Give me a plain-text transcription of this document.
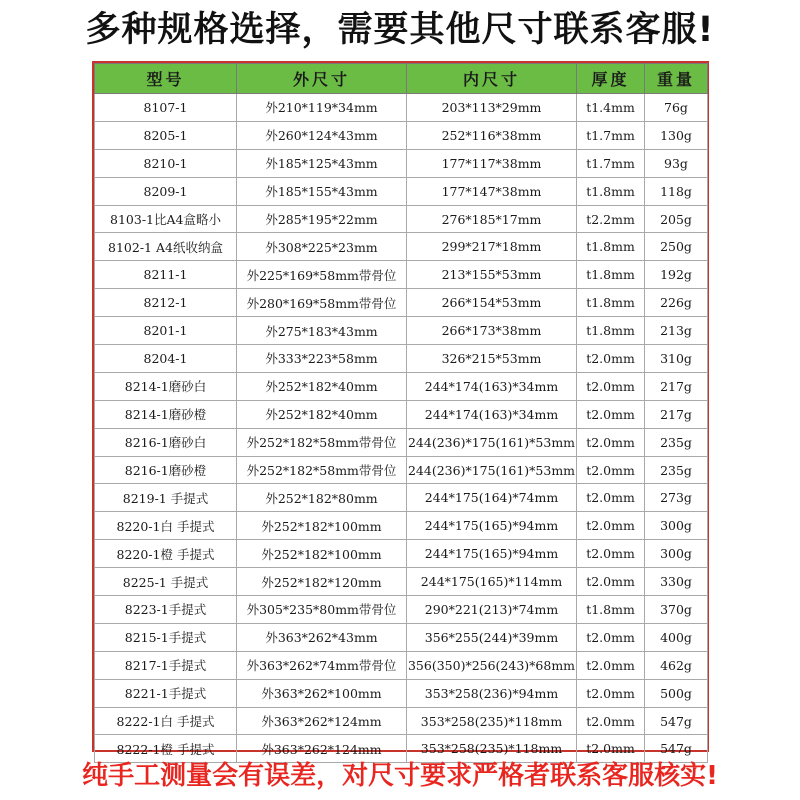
多种规格选择，需要其他尺寸联系客服!
型号	外尺寸	内尺寸	厚度	重量
8107-1	外210*119*34mm	203*113*29mm	t1.4mm	76g
8205-1	外260*124*43mm	252*116*38mm	t1.7mm	130g
8210-1	外185*125*43mm	177*117*38mm	t1.7mm	93g
8209-1	外185*155*43mm	177*147*38mm	t1.8mm	118g
8103-1比A4盒略小	外285*195*22mm	276*185*17mm	t2.2mm	205g
8102-1 A4纸收纳盒	外308*225*23mm	299*217*18mm	t1.8mm	250g
8211-1	外225*169*58mm带骨位	213*155*53mm	t1.8mm	192g
8212-1	外280*169*58mm带骨位	266*154*53mm	t1.8mm	226g
8201-1	外275*183*43mm	266*173*38mm	t1.8mm	213g
8204-1	外333*223*58mm	326*215*53mm	t2.0mm	310g
8214-1磨砂白	外252*182*40mm	244*174(163)*34mm	t2.0mm	217g
8214-1磨砂橙	外252*182*40mm	244*174(163)*34mm	t2.0mm	217g
8216-1磨砂白	外252*182*58mm带骨位	244(236)*175(161)*53mm	t2.0mm	235g
8216-1磨砂橙	外252*182*58mm带骨位	244(236)*175(161)*53mm	t2.0mm	235g
8219-1 手提式	外252*182*80mm	244*175(164)*74mm	t2.0mm	273g
8220-1白 手提式	外252*182*100mm	244*175(165)*94mm	t2.0mm	300g
8220-1橙 手提式	外252*182*100mm	244*175(165)*94mm	t2.0mm	300g
8225-1 手提式	外252*182*120mm	244*175(165)*114mm	t2.0mm	330g
8223-1手提式	外305*235*80mm带骨位	290*221(213)*74mm	t1.8mm	370g
8215-1手提式	外363*262*43mm	356*255(244)*39mm	t2.0mm	400g
8217-1手提式	外363*262*74mm带骨位	356(350)*256(243)*68mm	t2.0mm	462g
8221-1手提式	外363*262*100mm	353*258(236)*94mm	t2.0mm	500g
8222-1白 手提式	外363*262*124mm	353*258(235)*118mm	t2.0mm	547g
8222-1橙 手提式	外363*262*124mm	353*258(235)*118mm	t2.0mm	547g
纯手工测量会有误差，对尺寸要求严格者联系客服核实!
